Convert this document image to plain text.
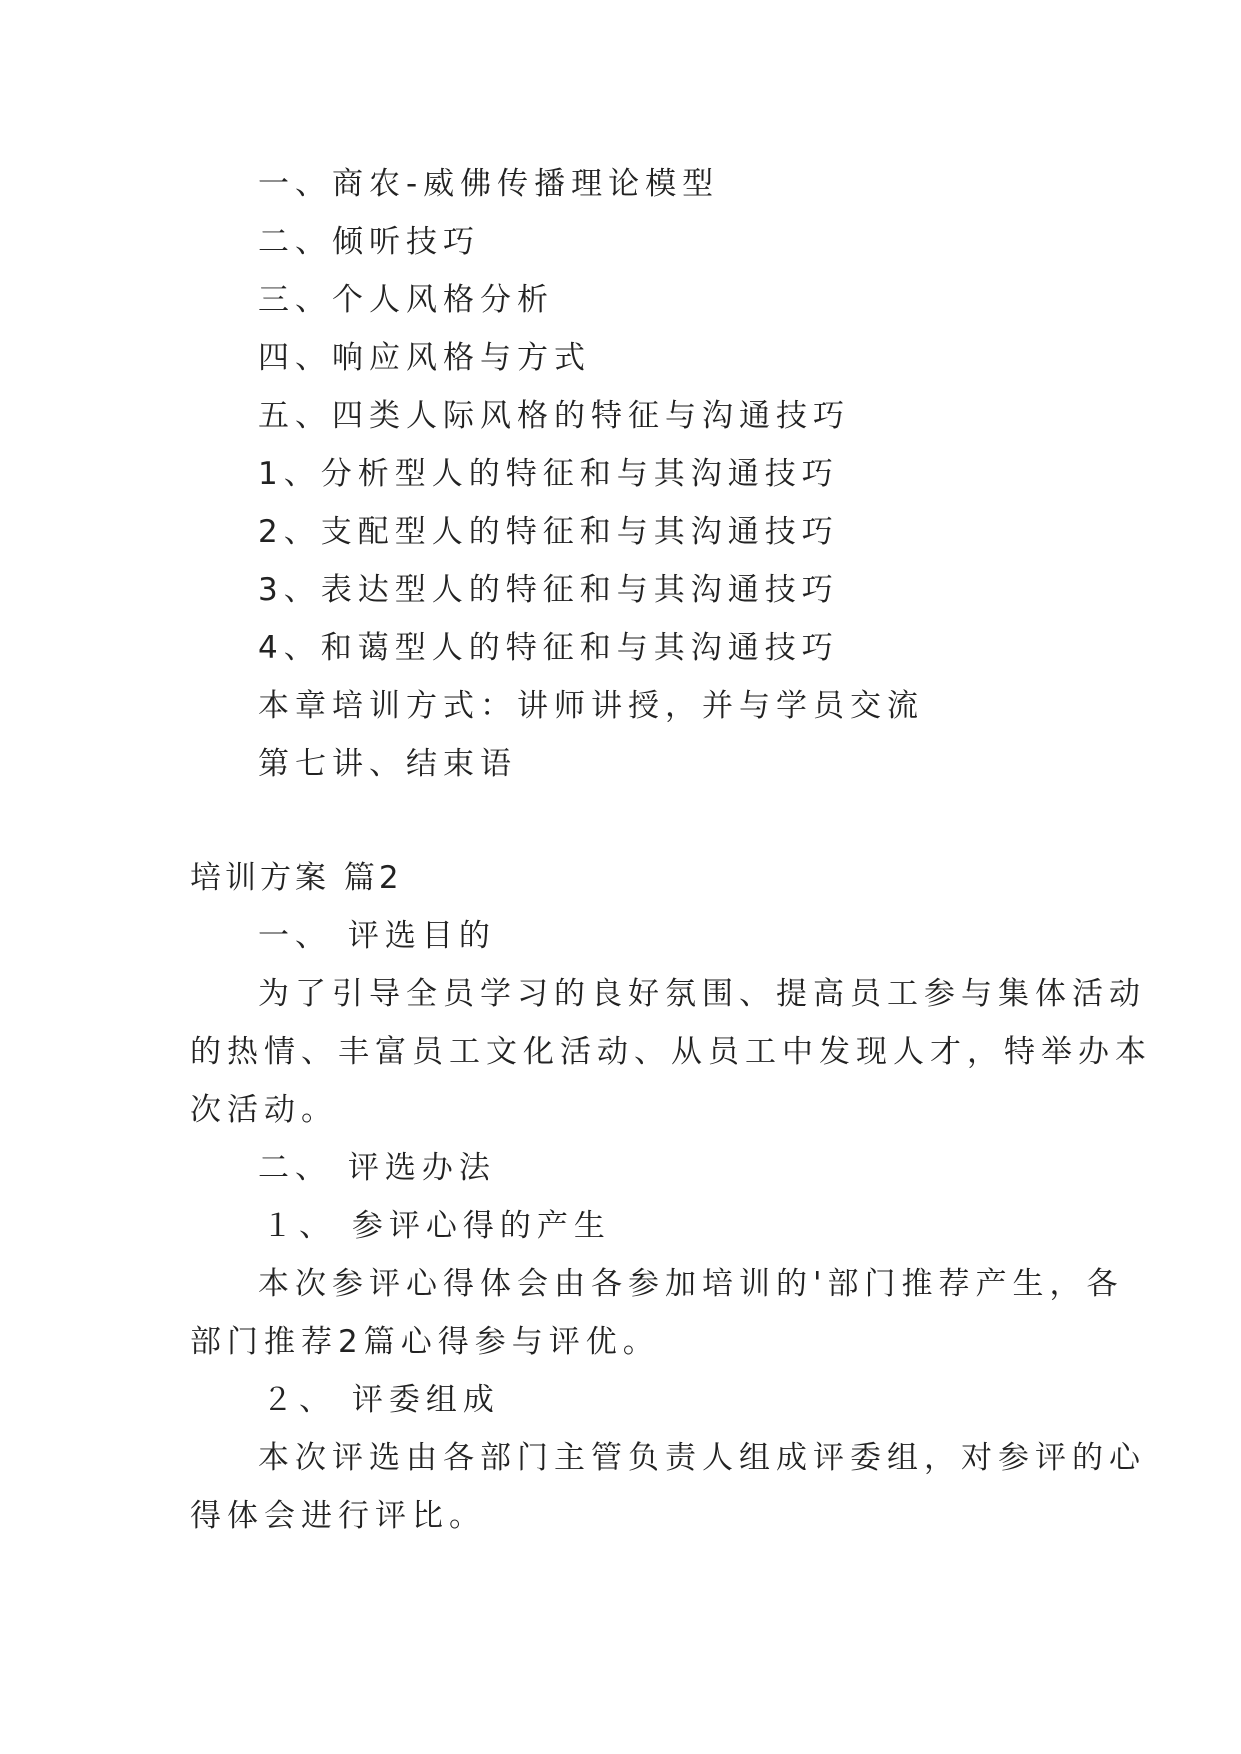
一、商农-威佛传播理论模型
二、倾听技巧
三、个人风格分析
四、响应风格与方式
五、四类人际风格的特征与沟通技巧
1、分析型人的特征和与其沟通技巧
2、支配型人的特征和与其沟通技巧
3、表达型人的特征和与其沟通技巧
4、和蔼型人的特征和与其沟通技巧
本章培训方式：讲师讲授，并与学员交流
第七讲、结束语
培训方案 篇2
一、 评选目的
为了引导全员学习的良好氛围、提高员工参与集体活动
的热情、丰富员工文化活动、从员工中发现人才，特举办本
次活动。
二、 评选办法
１、 参评心得的产生
本次参评心得体会由各参加培训的'部门推荐产生，各
部门推荐2篇心得参与评优。
２、 评委组成
本次评选由各部门主管负责人组成评委组，对参评的心
得体会进行评比。
